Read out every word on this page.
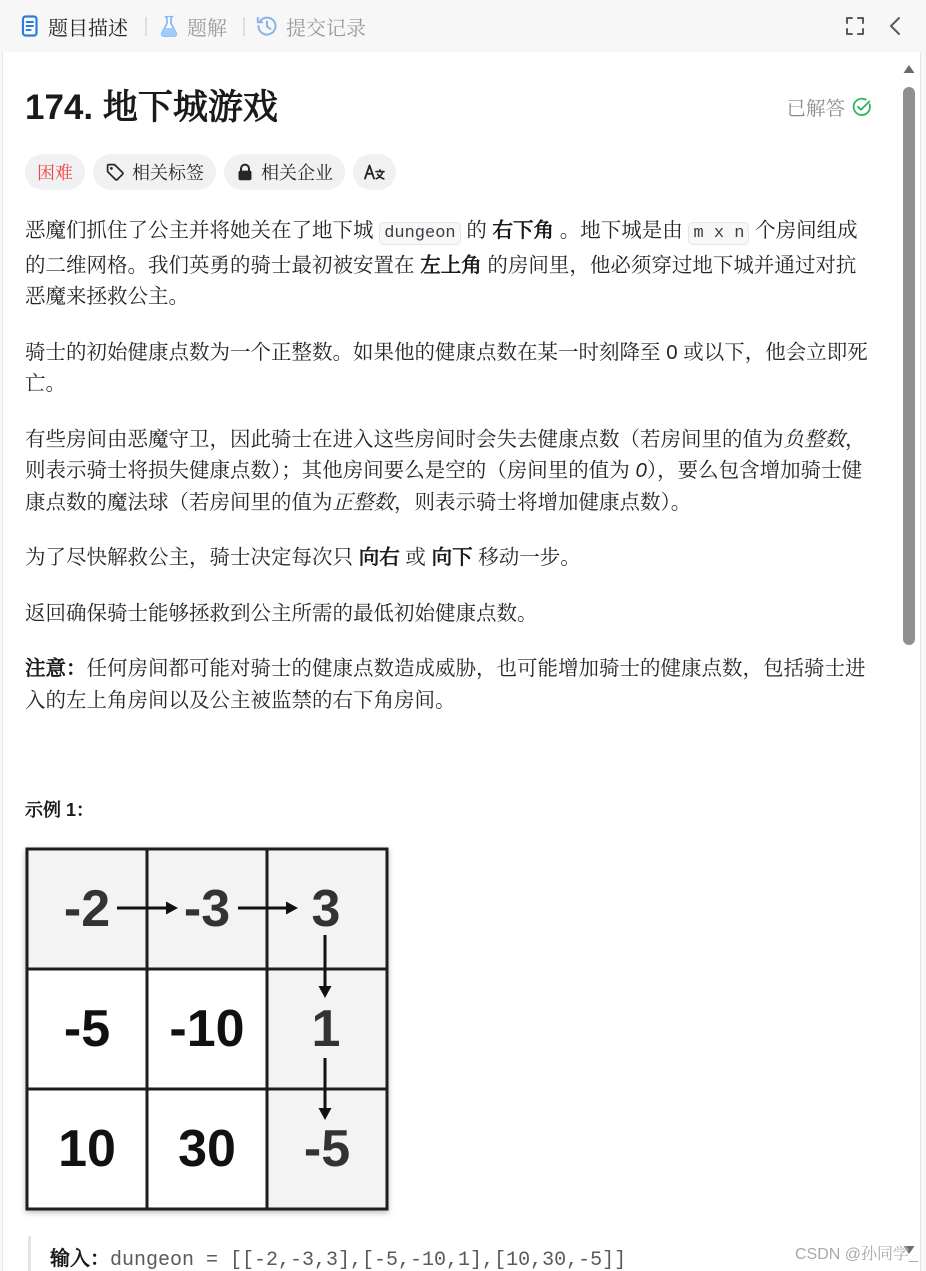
题目描述	题解	提交记录
174. 地下城游戏	已解答
困难	相关标签	相关企业

恶魔们抓住了公主并将她关在了地下城 dungeon 的 右下角 。地下城是由 m x n 个房间组成的二维网格。我们英勇的骑士最初被安置在 左上角 的房间里，他必须穿过地下城并通过对抗恶魔来拯救公主。

骑士的初始健康点数为一个正整数。如果他的健康点数在某一时刻降至 0 或以下，他会立即死亡。

有些房间由恶魔守卫，因此骑士在进入这些房间时会失去健康点数（若房间里的值为负整数，则表示骑士将损失健康点数）；其他房间要么是空的（房间里的值为 0），要么包含增加骑士健康点数的魔法球（若房间里的值为正整数，则表示骑士将增加健康点数）。

为了尽快解救公主，骑士决定每次只 向右 或 向下 移动一步。

返回确保骑士能够拯救到公主所需的最低初始健康点数。

注意：任何房间都可能对骑士的健康点数造成威胁，也可能增加骑士的健康点数，包括骑士进入的左上角房间以及公主被监禁的右下角房间。

示例 1：
-2 -3 3
-5 -10 1
10 30 -5
输入：dungeon = [[-2,-3,3],[-5,-10,1],[10,30,-5]]	CSDN @孙同学_
